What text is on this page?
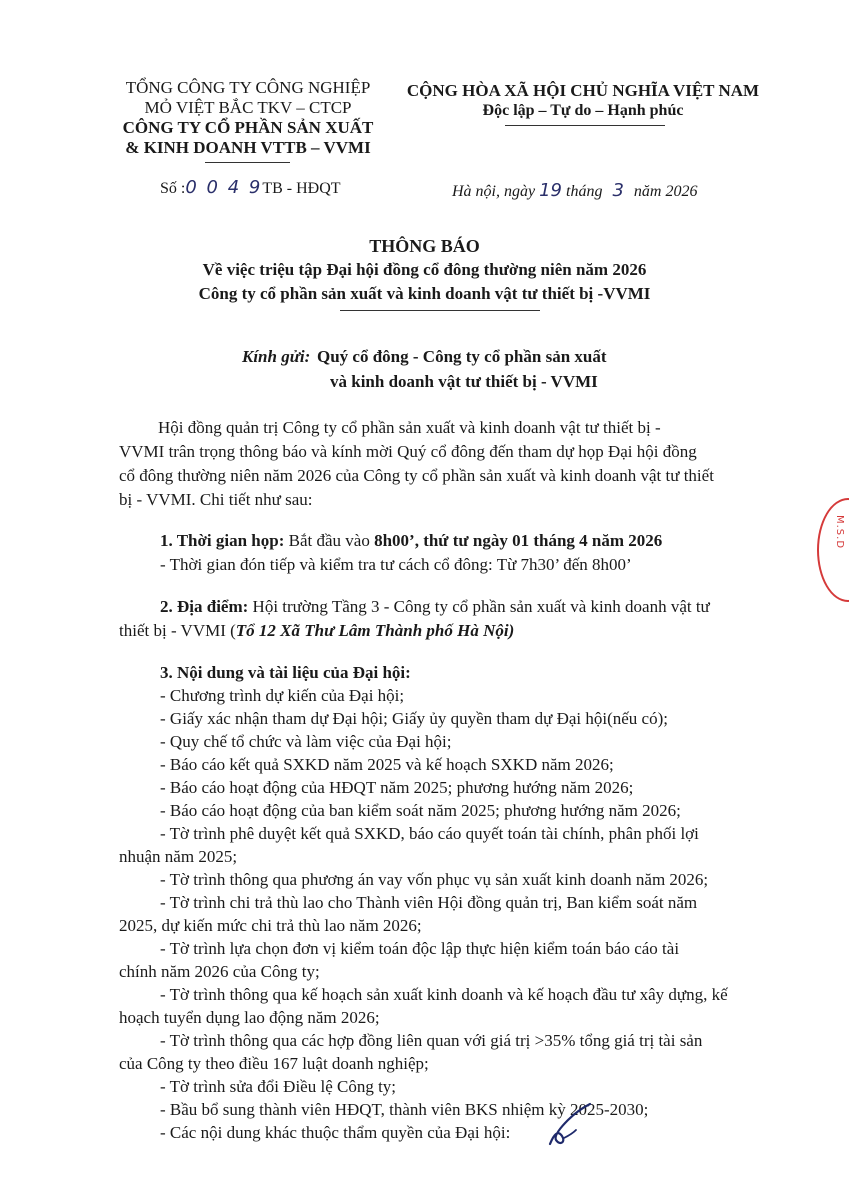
TỔNG CÔNG TY CÔNG NGHIỆP
MỎ VIỆT BẮC TKV – CTCP
CÔNG TY CỔ PHẦN SẢN XUẤT
& KINH DOANH VTTB – VVMI
Số :0 0 4 9TB - HĐQT
CỘNG HÒA XÃ HỘI CHỦ NGHĨA VIỆT NAM
Độc lập – Tự do – Hạnh phúc
Hà nội, ngày 19 tháng 3 năm 2026
THÔNG BÁO
Về việc triệu tập Đại hội đồng cổ đông thường niên năm 2026
Công ty cổ phần sản xuất và kinh doanh vật tư thiết bị -VVMI
Kính gửi: Quý cổ đông - Công ty cổ phần sản xuất
và kinh doanh vật tư thiết bị - VVMI
Hội đồng quản trị Công ty cổ phần sản xuất và kinh doanh vật tư thiết bị -
VVMI trân trọng thông báo và kính mời Quý cổ đông đến tham dự họp Đại hội đồng
cổ đông thường niên năm 2026 của Công ty cổ phần sản xuất và kinh doanh vật tư thiết
bị - VVMI. Chi tiết như sau:
1. Thời gian họp: Bắt đầu vào 8h00’, thứ tư ngày 01 tháng 4 năm 2026
- Thời gian đón tiếp và kiểm tra tư cách cổ đông: Từ 7h30’ đến 8h00’
2. Địa điểm: Hội trường Tầng 3 - Công ty cổ phần sản xuất và kinh doanh vật tư
thiết bị - VVMI (Tổ 12 Xã Thư Lâm Thành phố Hà Nội)
3. Nội dung và tài liệu của Đại hội:
- Chương trình dự kiến của Đại hội;
- Giấy xác nhận tham dự Đại hội; Giấy ủy quyền tham dự Đại hội(nếu có);
- Quy chế tổ chức và làm việc của Đại hội;
- Báo cáo kết quả SXKD năm 2025 và kế hoạch SXKD năm 2026;
- Báo cáo hoạt động của HĐQT năm 2025; phương hướng năm 2026;
- Báo cáo hoạt động của ban kiểm soát năm 2025; phương hướng năm 2026;
- Tờ trình phê duyệt kết quả SXKD, báo cáo quyết toán tài chính, phân phối lợi
nhuận năm 2025;
- Tờ trình thông qua phương án vay vốn phục vụ sản xuất kinh doanh năm 2026;
- Tờ trình chi trả thù lao cho Thành viên Hội đồng quản trị, Ban kiểm soát năm
2025, dự kiến mức chi trả thù lao năm 2026;
- Tờ trình lựa chọn đơn vị kiểm toán độc lập thực hiện kiểm toán báo cáo tài
chính năm 2026 của Công ty;
- Tờ trình thông qua kế hoạch sản xuất kinh doanh và kế hoạch đầu tư xây dựng, kế
hoạch tuyển dụng lao động năm 2026;
- Tờ trình thông qua các hợp đồng liên quan với giá trị >35% tổng giá trị tài sản
của Công ty theo điều 167 luật doanh nghiệp;
- Tờ trình sửa đổi Điều lệ Công ty;
- Bầu bổ sung thành viên HĐQT, thành viên BKS nhiệm kỳ 2025-2030;
- Các nội dung khác thuộc thẩm quyền của Đại hội:
M.S.D
